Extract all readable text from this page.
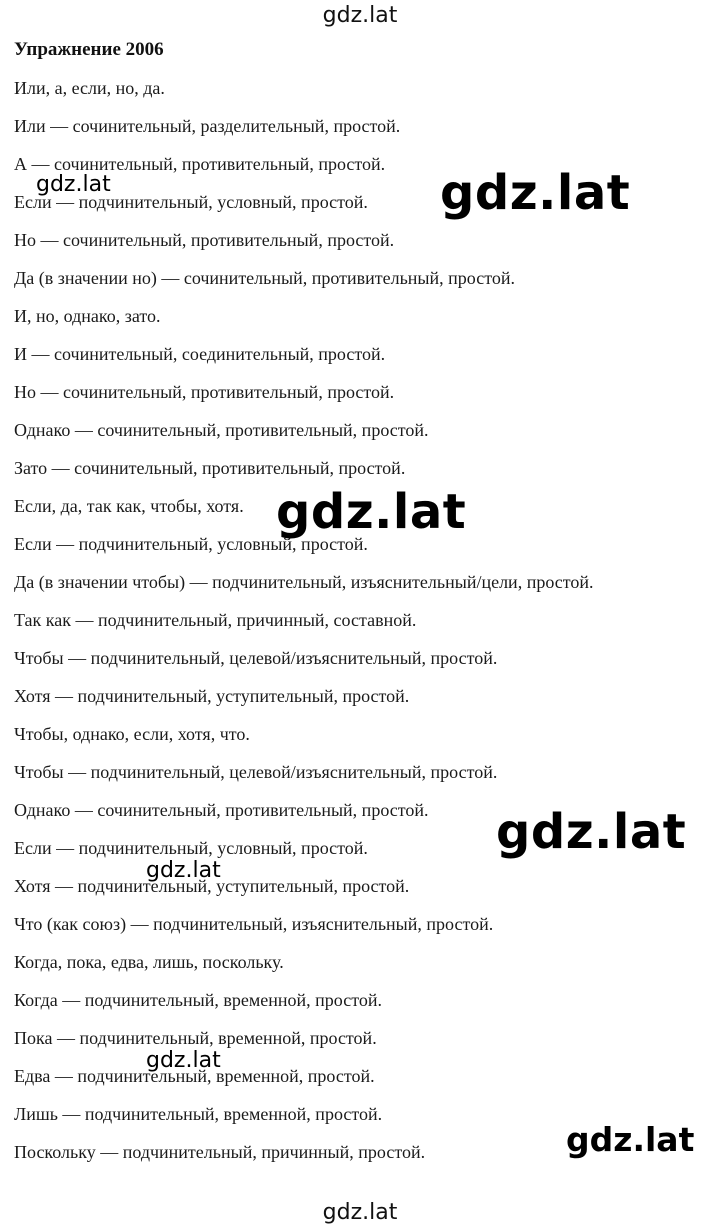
gdz.lat
Упражнение 2006
Или, а, если, но, да.
Или — сочинительный, разделительный, простой.
А — сочинительный, противительный, простой.
Если — подчинительный, условный, простой.
Но — сочинительный, противительный, простой.
Да (в значении но) — сочинительный, противительный, простой.
И, но, однако, зато.
И — сочинительный, соединительный, простой.
Но — сочинительный, противительный, простой.
Однако — сочинительный, противительный, простой.
Зато — сочинительный, противительный, простой.
Если, да, так как, чтобы, хотя.
Если — подчинительный, условный, простой.
Да (в значении чтобы) — подчинительный, изъяснительный/цели, простой.
Так как — подчинительный, причинный, составной.
Чтобы — подчинительный, целевой/изъяснительный, простой.
Хотя — подчинительный, уступительный, простой.
Чтобы, однако, если, хотя, что.
Чтобы — подчинительный, целевой/изъяснительный, простой.
Однако — сочинительный, противительный, простой.
Если — подчинительный, условный, простой.
Хотя — подчинительный, уступительный, простой.
Что (как союз) — подчинительный, изъяснительный, простой.
Когда, пока, едва, лишь, поскольку.
Когда — подчинительный, временной, простой.
Пока — подчинительный, временной, простой.
Едва — подчинительный, временной, простой.
Лишь — подчинительный, временной, простой.
Поскольку — подчинительный, причинный, простой.
gdz.lat	gdz.lat
gdz.lat
gdz.lat
gdz.lat
gdz.lat
gdz.lat
gdz.lat
